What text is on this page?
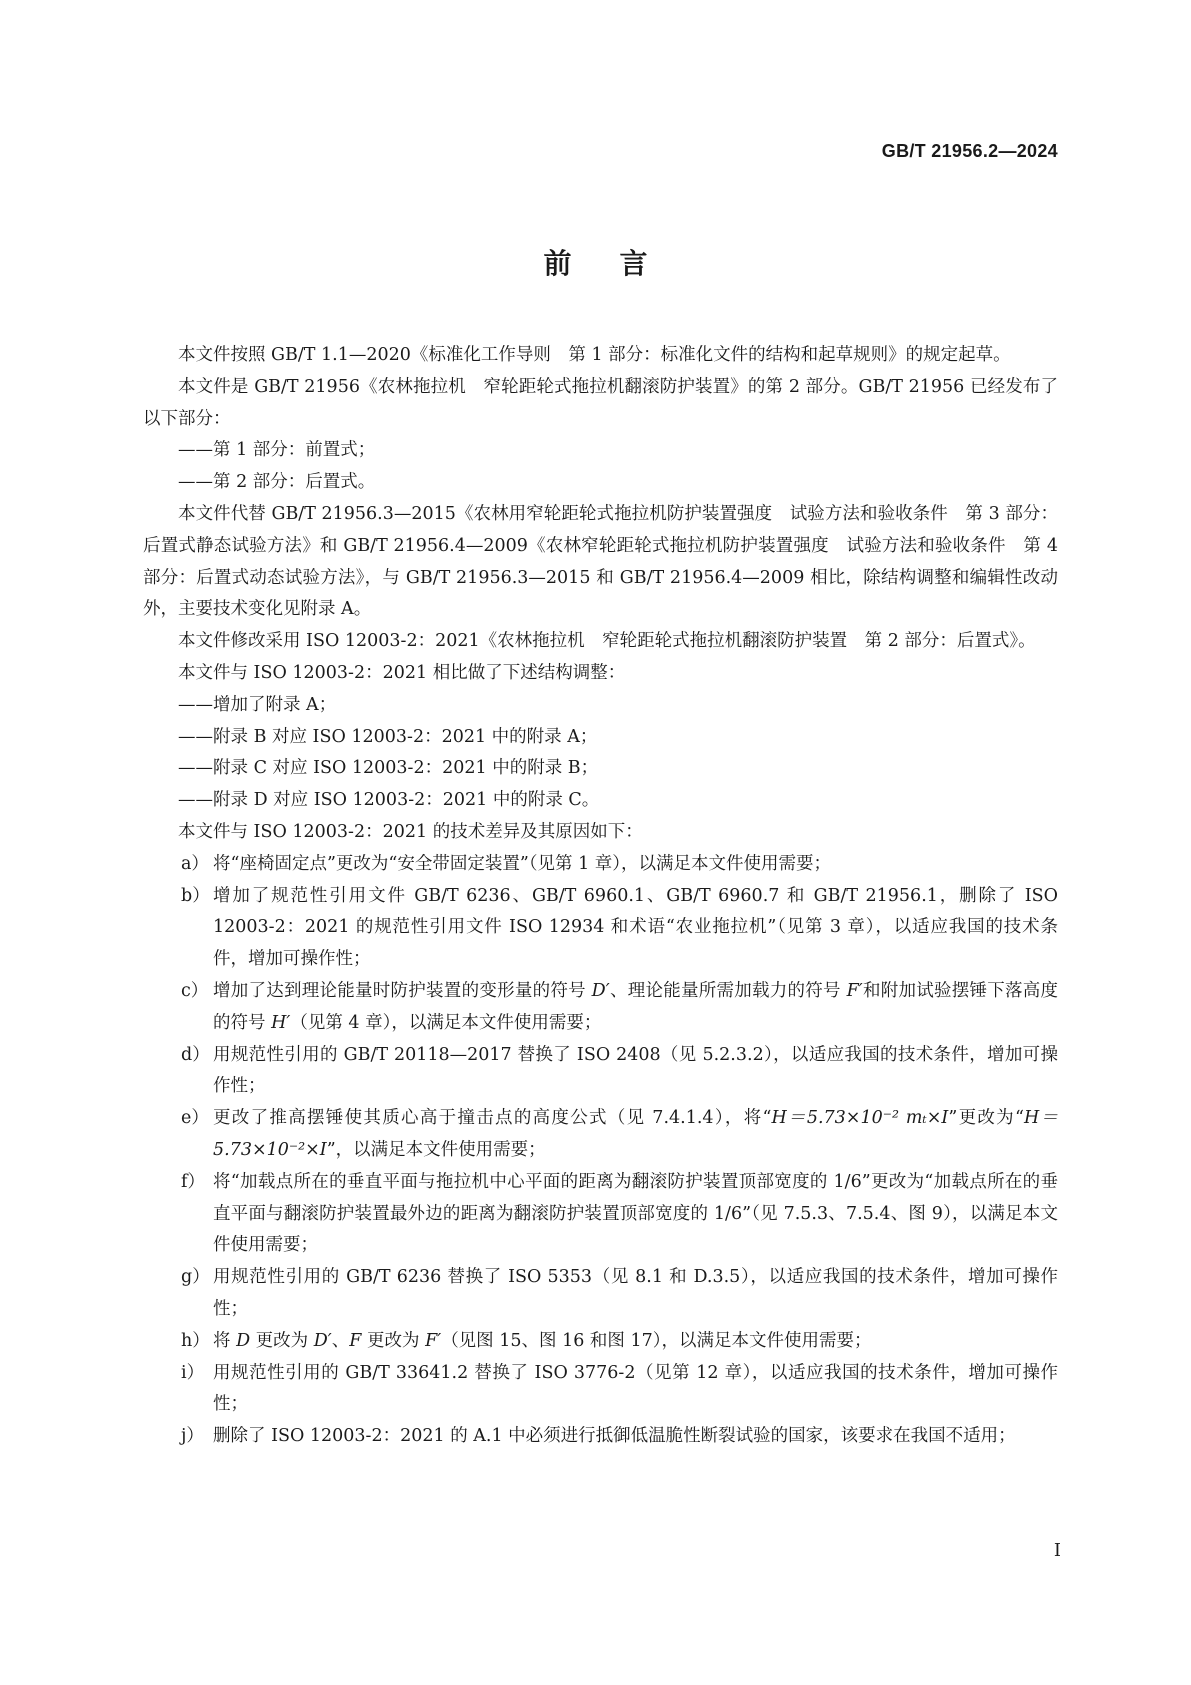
GB/T 21956.2—2024
前言

本文件按照 GB/T 1.1—2020《标准化工作导则　第 1 部分：标准化文件的结构和起草规则》的规定起草。

本文件是 GB/T 21956《农林拖拉机　窄轮距轮式拖拉机翻滚防护装置》的第 2 部分。GB/T 21956 已经发布了以下部分：

——第 1 部分：前置式；

——第 2 部分：后置式。

本文件代替 GB/T 21956.3—2015《农林用窄轮距轮式拖拉机防护装置强度　试验方法和验收条件　第 3 部分：后置式静态试验方法》和 GB/T 21956.4—2009《农林窄轮距轮式拖拉机防护装置强度　试验方法和验收条件　第 4 部分：后置式动态试验方法》，与 GB/T 21956.3—2015 和 GB/T 21956.4—2009 相比，除结构调整和编辑性改动外，主要技术变化见附录 A。

本文件修改采用 ISO 12003-2：2021《农林拖拉机　窄轮距轮式拖拉机翻滚防护装置　第 2 部分：后置式》。

本文件与 ISO 12003-2：2021 相比做了下述结构调整：

——增加了附录 A；

——附录 B 对应 ISO 12003-2：2021 中的附录 A；

——附录 C 对应 ISO 12003-2：2021 中的附录 B；

——附录 D 对应 ISO 12003-2：2021 中的附录 C。

本文件与 ISO 12003-2：2021 的技术差异及其原因如下：

a） 将“座椅固定点”更改为“安全带固定装置”（见第 1 章），以满足本文件使用需要；
b） 增加了规范性引用文件 GB/T 6236、GB/T 6960.1、GB/T 6960.7 和 GB/T 21956.1，删除了 ISO 12003-2：2021 的规范性引用文件 ISO 12934 和术语“农业拖拉机”（见第 3 章），以适应我国的技术条件，增加可操作性；
c） 增加了达到理论能量时防护装置的变形量的符号 D′、理论能量所需加载力的符号 F′和附加试验摆锤下落高度的符号 H′（见第 4 章），以满足本文件使用需要；
d） 用规范性引用的 GB/T 20118—2017 替换了 ISO 2408（见 5.2.3.2），以适应我国的技术条件，增加可操作性；
e） 更改了推高摆锤使其质心高于撞击点的高度公式（见 7.4.1.4），将“H＝5.73×10⁻² mₜ×I”更改为“H＝5.73×10⁻²×I”，以满足本文件使用需要；
f） 将“加载点所在的垂直平面与拖拉机中心平面的距离为翻滚防护装置顶部宽度的 1/6”更改为“加载点所在的垂直平面与翻滚防护装置最外边的距离为翻滚防护装置顶部宽度的 1/6”（见 7.5.3、7.5.4、图 9），以满足本文件使用需要；
g） 用规范性引用的 GB/T 6236 替换了 ISO 5353（见 8.1 和 D.3.5），以适应我国的技术条件，增加可操作性；
h） 将 D 更改为 D′、F 更改为 F′（见图 15、图 16 和图 17），以满足本文件使用需要；
i） 用规范性引用的 GB/T 33641.2 替换了 ISO 3776-2（见第 12 章），以适应我国的技术条件，增加可操作性；
j） 删除了 ISO 12003-2：2021 的 A.1 中必须进行抵御低温脆性断裂试验的国家，该要求在我国不适用；
I
